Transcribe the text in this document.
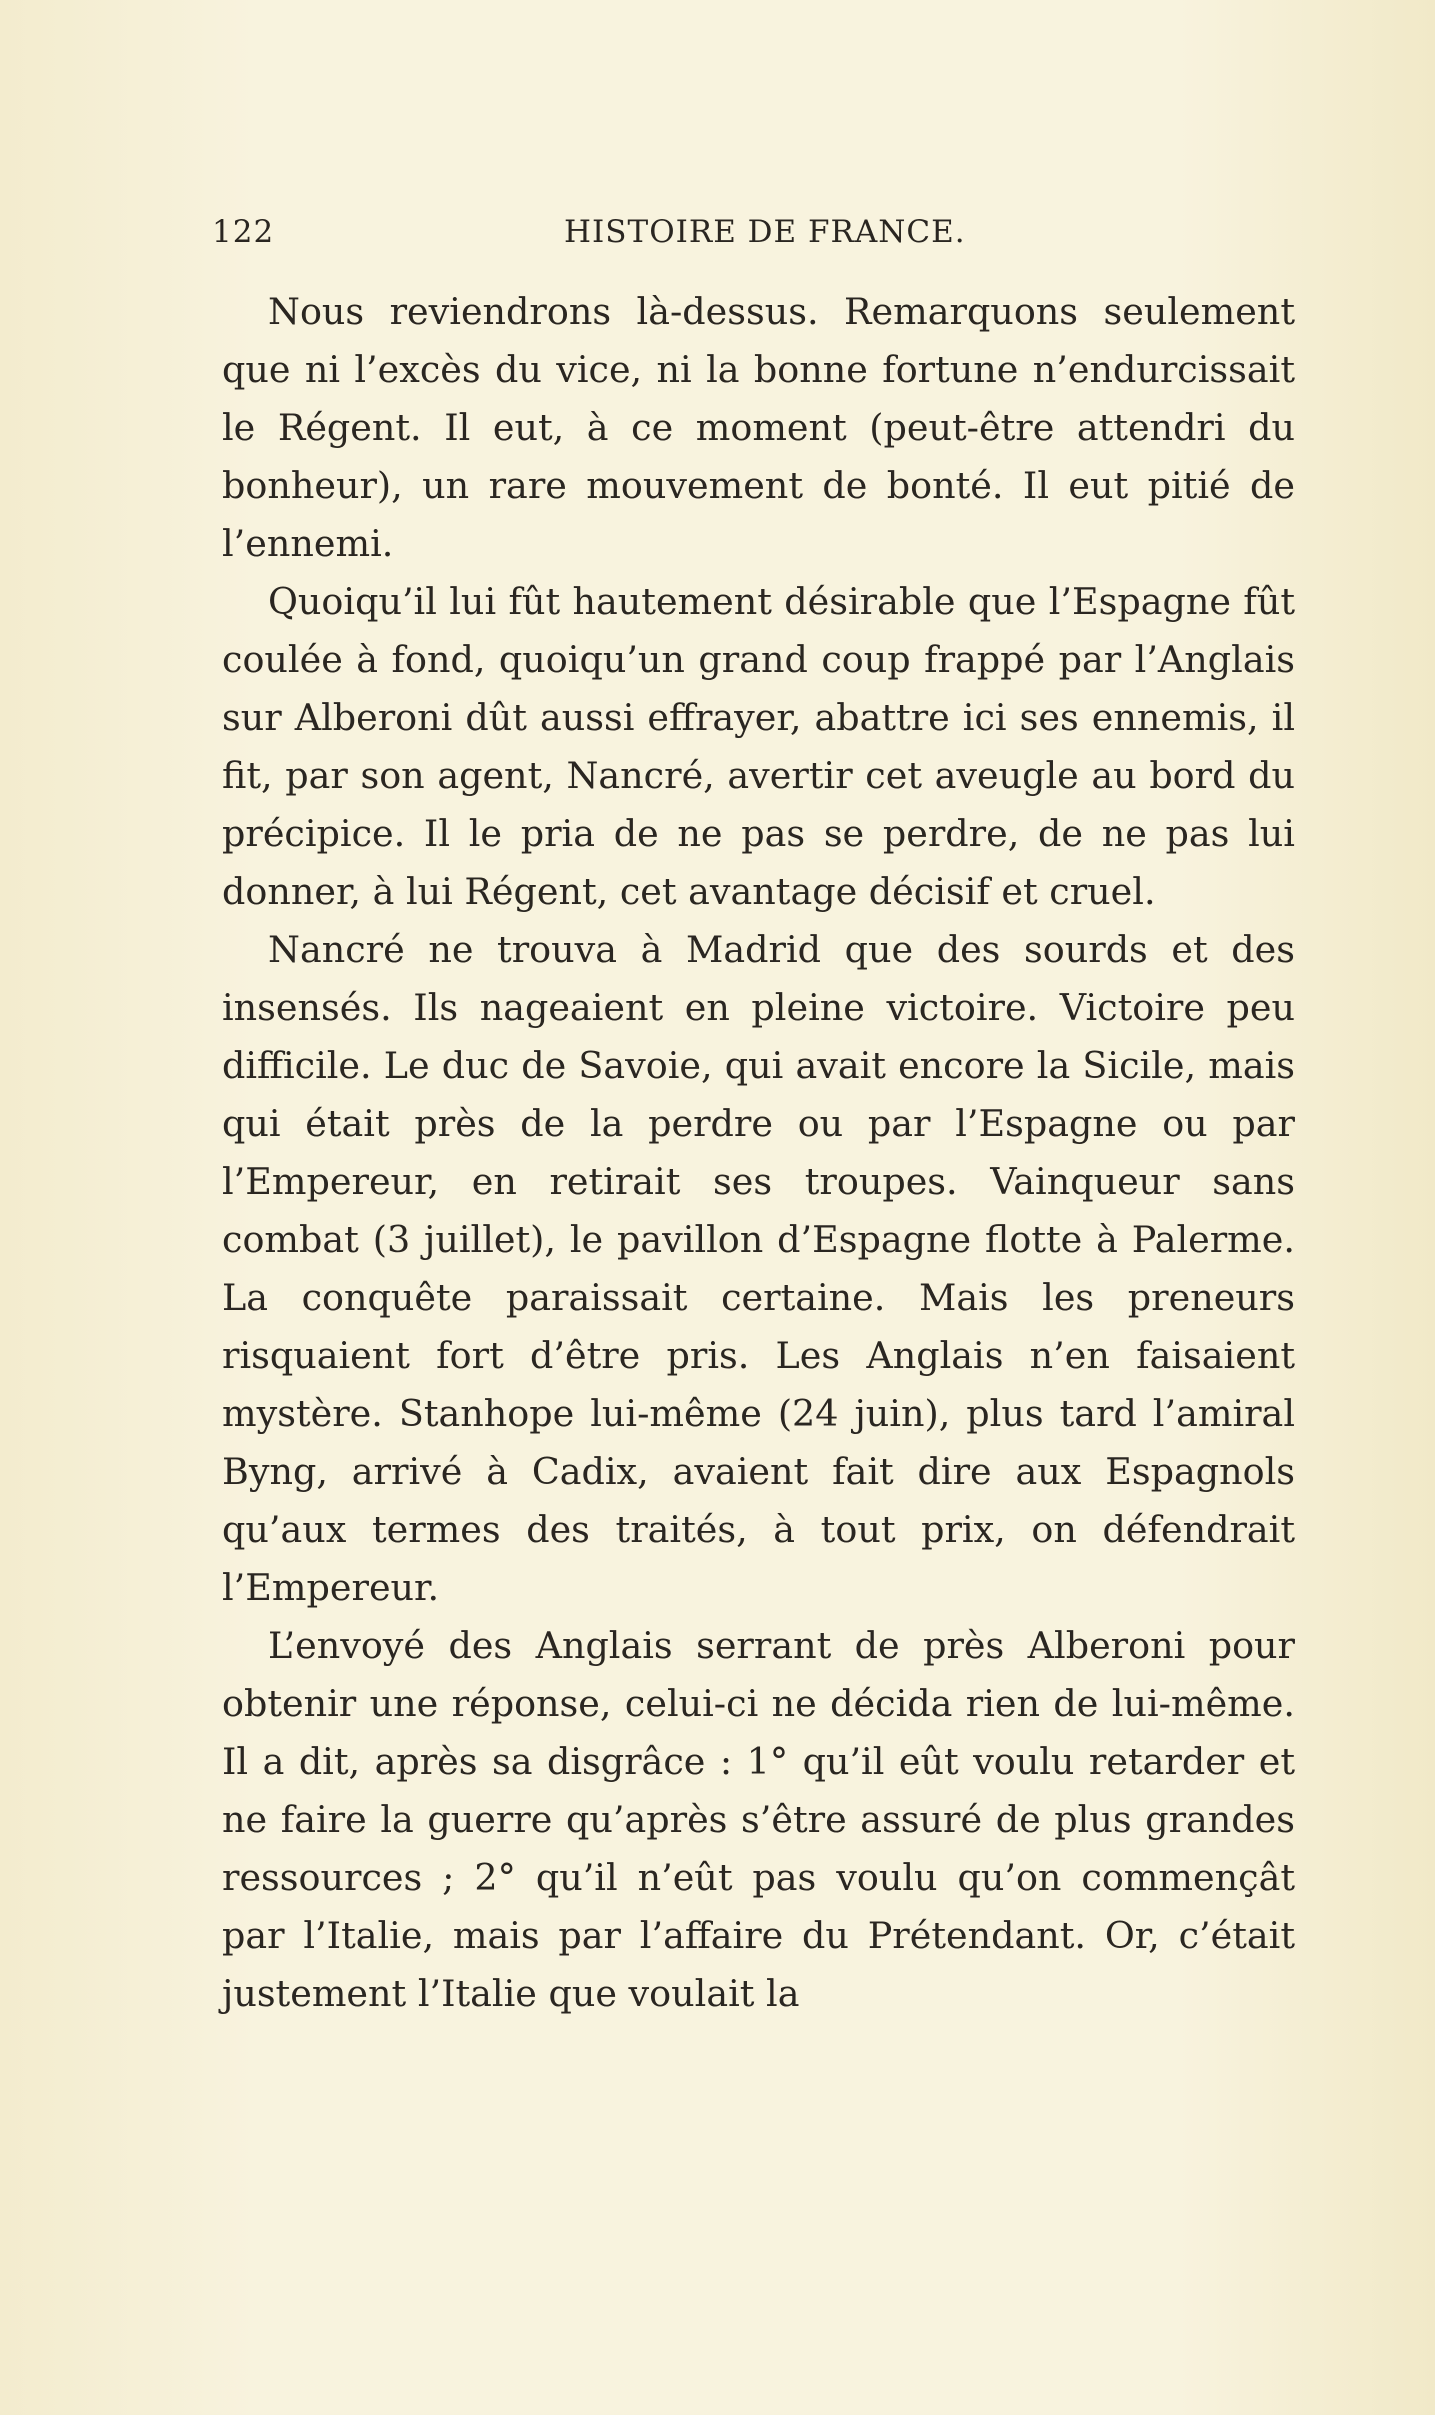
122	HISTOIRE DE FRANCE.

Nous reviendrons là-dessus. Remarquons seulement que ni l’excès du vice, ni la bonne fortune n’endurcissait le Régent. Il eut, à ce moment (peut-être attendri du bonheur), un rare mouvement de bonté. Il eut pitié de l’ennemi.

Quoiqu’il lui fût hautement désirable que l’Espagne fût coulée à fond, quoiqu’un grand coup frappé par l’Anglais sur Alberoni dût aussi effrayer, abattre ici ses ennemis, il fit, par son agent, Nancré, avertir cet aveugle au bord du précipice. Il le pria de ne pas se perdre, de ne pas lui donner, à lui Régent, cet avantage décisif et cruel.

Nancré ne trouva à Madrid que des sourds et des insensés. Ils nageaient en pleine victoire. Victoire peu difficile. Le duc de Savoie, qui avait encore la Sicile, mais qui était près de la perdre ou par l’Espagne ou par l’Empereur, en retirait ses troupes. Vainqueur sans combat (3 juillet), le pavillon d’Espagne flotte à Palerme. La conquête paraissait certaine. Mais les preneurs risquaient fort d’être pris. Les Anglais n’en faisaient mystère. Stanhope lui-même (24 juin), plus tard l’amiral Byng, arrivé à Cadix, avaient fait dire aux Espagnols qu’aux termes des traités, à tout prix, on défendrait l’Empereur.

L’envoyé des Anglais serrant de près Alberoni pour obtenir une réponse, celui-ci ne décida rien de lui-même. Il a dit, après sa disgrâce : 1° qu’il eût voulu retarder et ne faire la guerre qu’après s’être assuré de plus grandes ressources ; 2° qu’il n’eût pas voulu qu’on commençât par l’Italie, mais par l’affaire du Prétendant. Or, c’était justement l’Italie que voulait la
